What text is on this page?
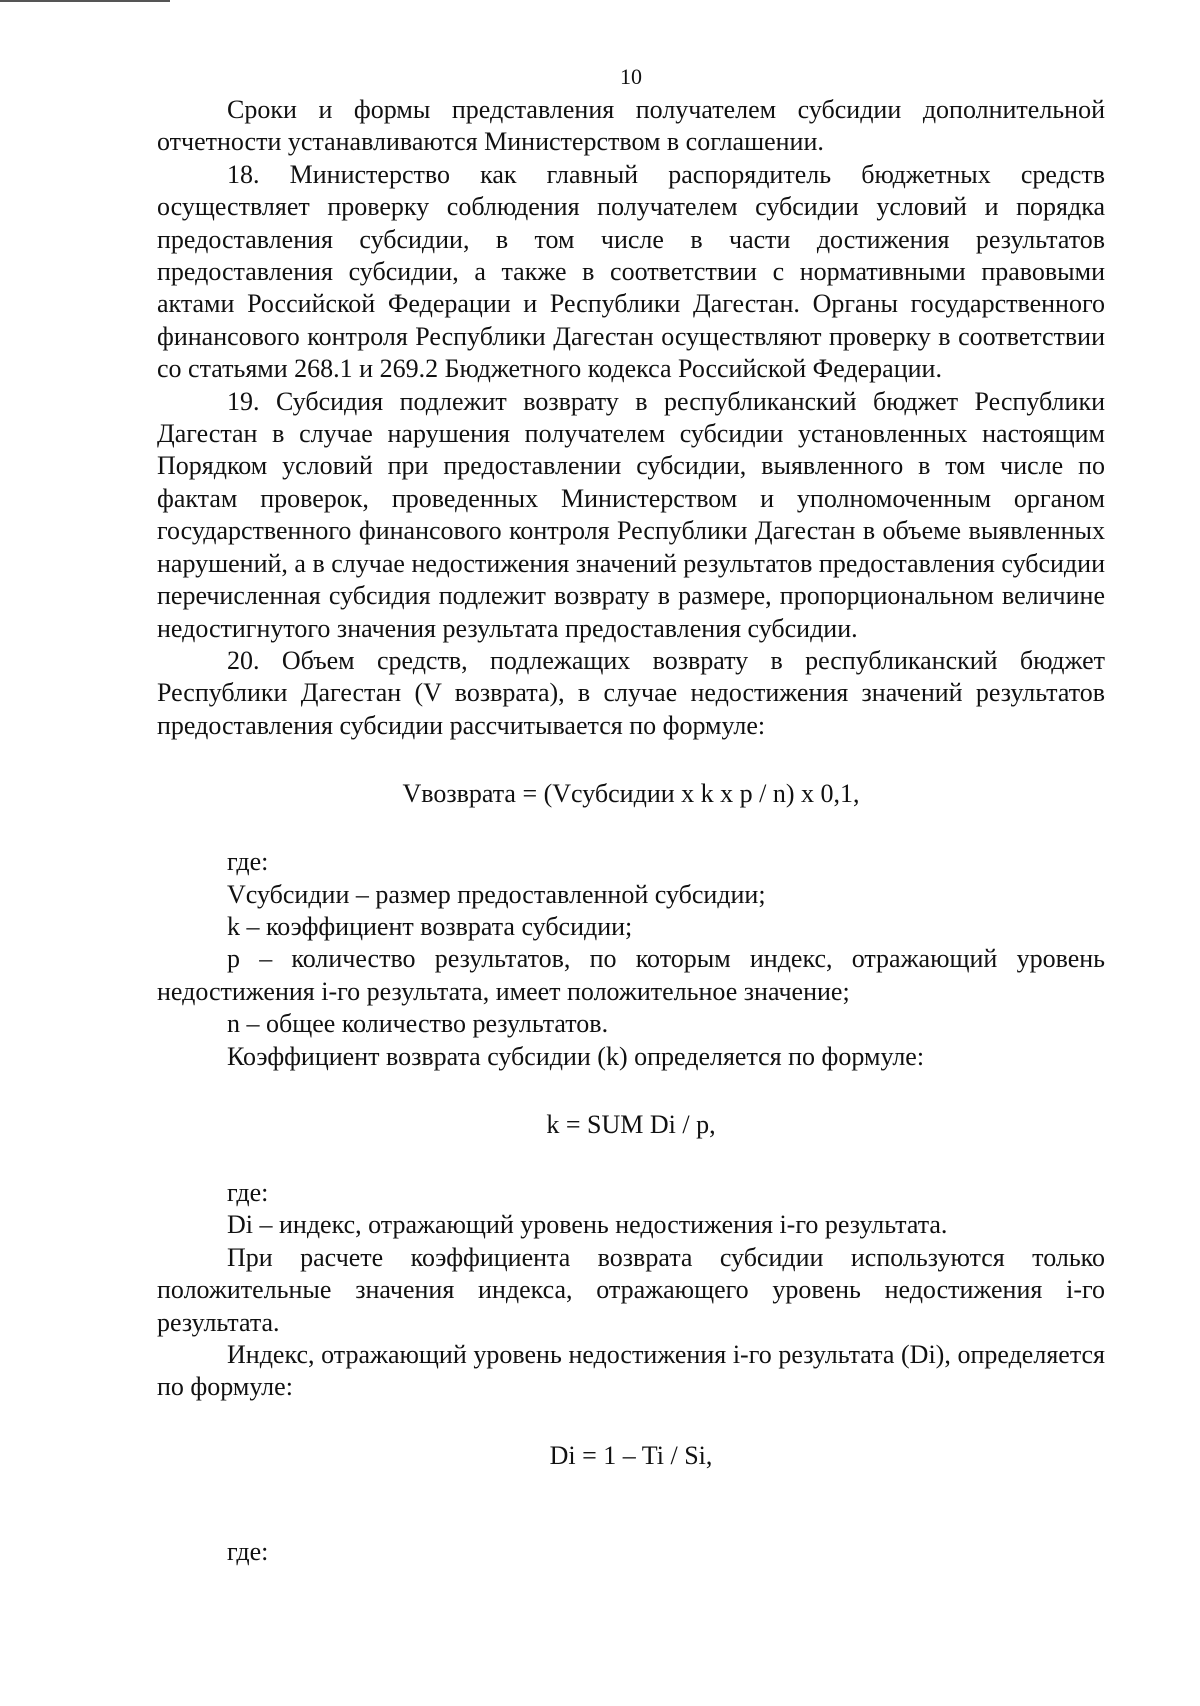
10

Сроки и формы представления получателем субсидии дополнительной отчетности устанавливаются Министерством в соглашении.

18. Министерство как главный распорядитель бюджетных средств осуществляет проверку соблюдения получателем субсидии условий и порядка предоставления субсидии, в том числе в части достижения результатов предоставления субсидии, а также в соответствии с нормативными правовыми актами Российской Федерации и Республики Дагестан. Органы государственного финансового контроля Республики Дагестан осуществляют проверку в соответствии со статьями 268.1 и 269.2 Бюджетного кодекса Российской Федерации.

19. Субсидия подлежит возврату в республиканский бюджет Республики Дагестан в случае нарушения получателем субсидии установленных настоящим Порядком условий при предоставлении субсидии, выявленного в том числе по фактам проверок, проведенных Министерством и уполномоченным органом государственного финансового контроля Республики Дагестан в объеме выявленных нарушений, а в случае недостижения значений результатов предоставления субсидии перечисленная субсидия подлежит возврату в размере, пропорциональном величине недостигнутого значения результата предоставления субсидии.

20. Объем средств, подлежащих возврату в республиканский бюджет Республики Дагестан (V возврата), в случае недостижения значений результатов предоставления субсидии рассчитывается по формуле:

Vвозврата = (Vсубсидии x k x p / n) x 0,1,

где:

Vсубсидии – размер предоставленной субсидии;

k – коэффициент возврата субсидии;

p – количество результатов, по которым индекс, отражающий уровень недостижения i-го результата, имеет положительное значение;

n – общее количество результатов.

Коэффициент возврата субсидии (k) определяется по формуле:

k = SUM Di / p,

где:

Di – индекс, отражающий уровень недостижения i-го результата.

При расчете коэффициента возврата субсидии используются только положительные значения индекса, отражающего уровень недостижения i-го результата.

Индекс, отражающий уровень недостижения i-го результата (Di), определяется по формуле:

Di = 1 – Ti / Si,

где:
